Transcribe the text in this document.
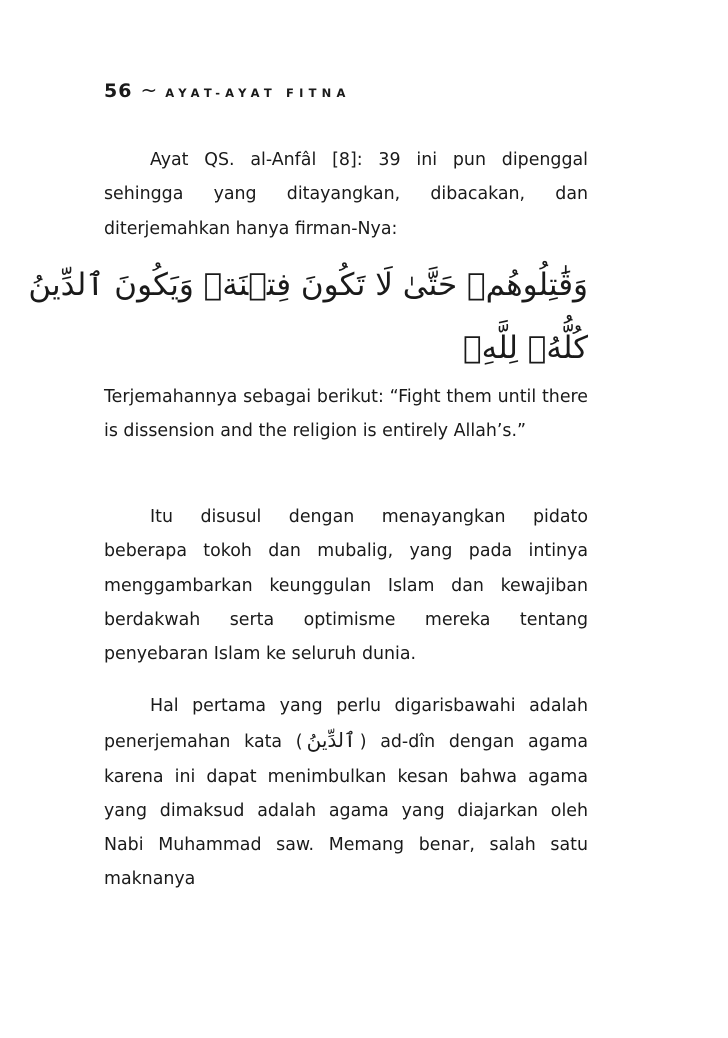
56 ~ AYAT-AYAT FITNA

Ayat QS. al-Anfâl [8]: 39 ini pun dipenggal sehingga yang ditayangkan, dibacakan, dan diterjemahkan hanya firman-Nya:

وَقَٰتِلُوهُمۡ حَتَّىٰ لَا تَكُونَ فِتۡنَةٞ وَيَكُونَ ٱلدِّينُ
كُلُّهُۥ لِلَّهِۚ

Terjemahannya sebagai berikut: “Fight them until there is dissension and the religion is entirely Allah’s.”

Itu disusul dengan menayangkan pidato beberapa tokoh dan mubalig, yang pada intinya menggambarkan keunggulan Islam dan kewajiban berdakwah serta optimisme mereka tentang penyebaran Islam ke seluruh dunia.

Hal pertama yang perlu digarisbawahi adalah penerjemahan kata ( ٱلدِّينُ ) ad-dîn dengan agama karena ini dapat menimbulkan kesan bahwa agama yang dimaksud adalah agama yang diajarkan oleh Nabi Muhammad saw. Memang benar, salah satu maknanya
